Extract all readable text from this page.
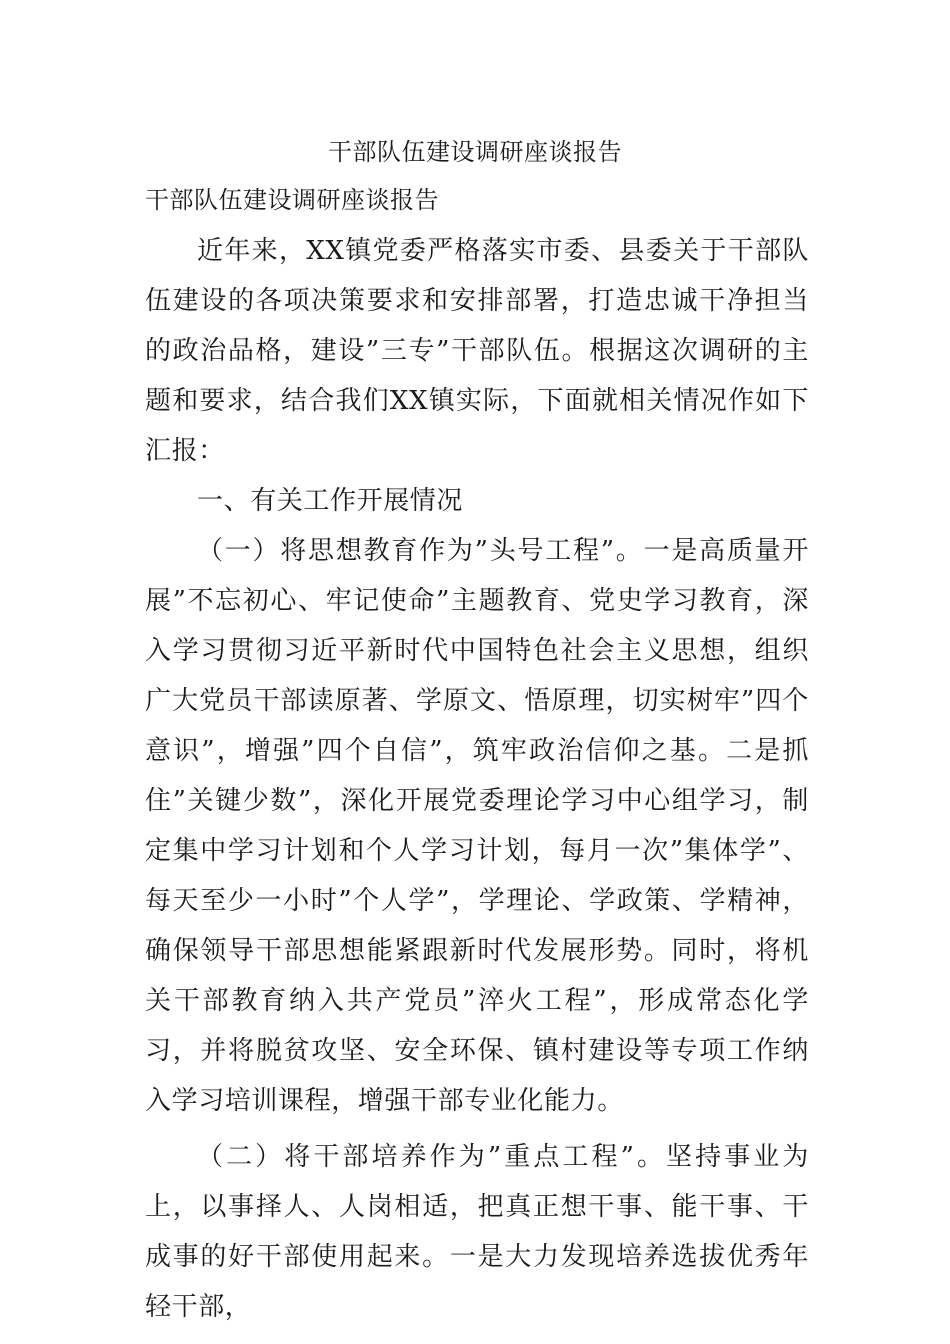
干部队伍建设调研座谈报告
干部队伍建设调研座谈报告

近年来，XX镇党委严格落实市委、县委关于干部队伍建设的各项决策要求和安排部署，打造忠诚干净担当的政治品格，建设”三专”干部队伍。根据这次调研的主题和要求，结合我们XX镇实际，下面就相关情况作如下汇报：

一、有关工作开展情况

（一）将思想教育作为”头号工程”。一是高质量开展”不忘初心、牢记使命”主题教育、党史学习教育，深入学习贯彻习近平新时代中国特色社会主义思想，组织广大党员干部读原著、学原文、悟原理，切实树牢”四个意识”，增强”四个自信”，筑牢政治信仰之基。二是抓住”关键少数”，深化开展党委理论学习中心组学习，制定集中学习计划和个人学习计划，每月一次”集体学”、每天至少一小时”个人学”，学理论、学政策、学精神，确保领导干部思想能紧跟新时代发展形势。同时，将机关干部教育纳入共产党员”淬火工程”，形成常态化学习，并将脱贫攻坚、安全环保、镇村建设等专项工作纳入学习培训课程，增强干部专业化能力。

（二）将干部培养作为”重点工程”。坚持事业为上，以事择人、人岗相适，把真正想干事、能干事、干成事的好干部使用起来。一是大力发现培养选拔优秀年轻干部，
